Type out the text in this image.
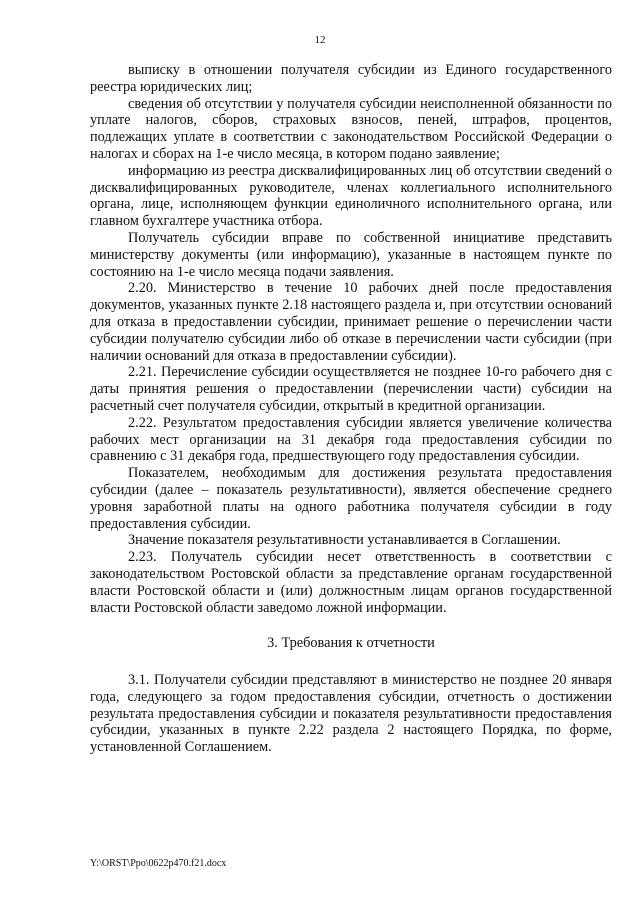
12

выписку в отношении получателя субсидии из Единого государственного реестра юридических лиц;

сведения об отсутствии у получателя субсидии неисполненной обязанности по уплате налогов, сборов, страховых взносов, пеней, штрафов, процентов, подлежащих уплате в соответствии с законодательством Российской Федерации о налогах и сборах на 1-е число месяца, в котором подано заявление;

информацию из реестра дисквалифицированных лиц об отсутствии сведений о дисквалифицированных руководителе, членах коллегиального исполнительного органа, лице, исполняющем функции единоличного исполнительного органа, или главном бухгалтере участника отбора.

Получатель субсидии вправе по собственной инициативе представить министерству документы (или информацию), указанные в настоящем пункте по состоянию на 1-е число месяца подачи заявления.

2.20. Министерство в течение 10 рабочих дней после предоставления документов, указанных пункте 2.18 настоящего раздела и, при отсутствии оснований для отказа в предоставлении субсидии, принимает решение о перечислении части субсидии получателю субсидии либо об отказе в перечислении части субсидии (при наличии оснований для отказа в предоставлении субсидии).

2.21. Перечисление субсидии осуществляется не позднее 10-го рабочего дня с даты принятия решения о предоставлении (перечислении части) субсидии на расчетный счет получателя субсидии, открытый в кредитной организации.

2.22. Результатом предоставления субсидии является увеличение количества рабочих мест организации на 31 декабря года предоставления субсидии по сравнению с 31 декабря года, предшествующего году предоставления субсидии.

Показателем, необходимым для достижения результата предоставления субсидии (далее – показатель результативности), является обеспечение среднего уровня заработной платы на одного работника получателя субсидии в году предоставления субсидии.

Значение показателя результативности устанавливается в Соглашении.

2.23. Получатель субсидии несет ответственность в соответствии с законодательством Ростовской области за представление органам государственной власти Ростовской области и (или) должностным лицам органов государственной власти Ростовской области заведомо ложной информации.

3. Требования к отчетности

3.1. Получатели субсидии представляют в министерство не позднее 20 января года, следующего за годом предоставления субсидии, отчетность о достижении результата предоставления субсидии и показателя результативности предоставления субсидии, указанных в пункте 2.22 раздела 2 настоящего Порядка, по форме, установленной Соглашением.

Y:\ORST\Ppo\0622p470.f21.docx
